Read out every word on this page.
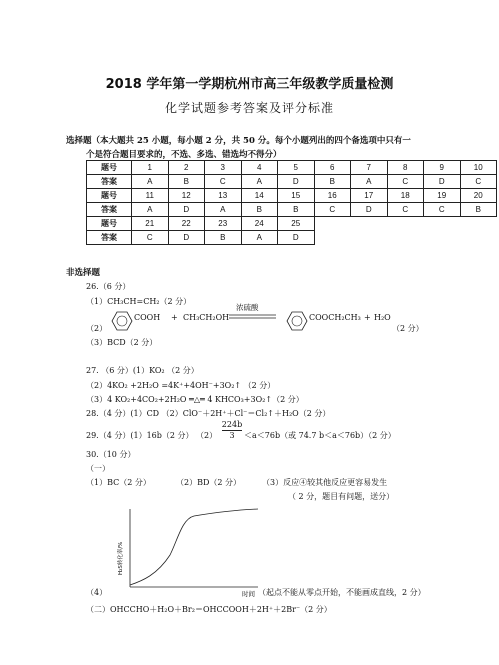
2018 学年第一学期杭州市高三年级教学质量检测
化学试题参考答案及评分标准
选择题（本大题共 25 小题，每小题 2 分，共 50 分。每个小题列出的四个备选项中只有一
个是符合题目要求的，不选、多选、错选均不得分）
题号	1	2	3	4	5	6	7	8	9	10
答案	A	B	C	A	D	B	A	C	D	C
题号	11	12	13	14	15	16	17	18	19	20
答案	A	D	A	B	B	C	D	C	C	B
题号	21	22	23	24	25					
答案	C	D	B	A	D					
非选择题
26.（6 分）
（1）CH₃CH=CH₂（2 分）
（2）
COOH + CH₃CH₂OH
浓硫酸
COOCH₂CH₃ + H₂O
（2 分）
（3）BCD（2 分）
27. （6 分）(1）KO₂ （2 分）
（2）4KO₂ +2H₂O =4K⁺+4OH⁻+3O₂↑ （2 分）
（3）4 KO₂+4CO₂+2H₂O ═△═ 4 KHCO₃+3O₂↑（2 分）
28.（4 分）(1）CD （2）ClO⁻＋2H⁺＋Cl⁻＝Cl₂↑＋H₂O（2 分）
29.（4 分）(1）16b（2 分） （2）
224b
3	＜a＜76b（或 74.7 b＜a＜76b）（2 分）
30.（10 分）
（一）
（1）BC（2 分）	（2）BD（2 分）	（3）反应④较其他反应更容易发生
（ 2 分，题目有问题，送分）
H₂S转化率/%
时间
（4）	（起点不能从零点开始，不能画成直线，2 分）
（二）OHCCHO＋H₂O＋Br₂＝OHCCOOH＋2H⁺＋2Br⁻（2 分）
